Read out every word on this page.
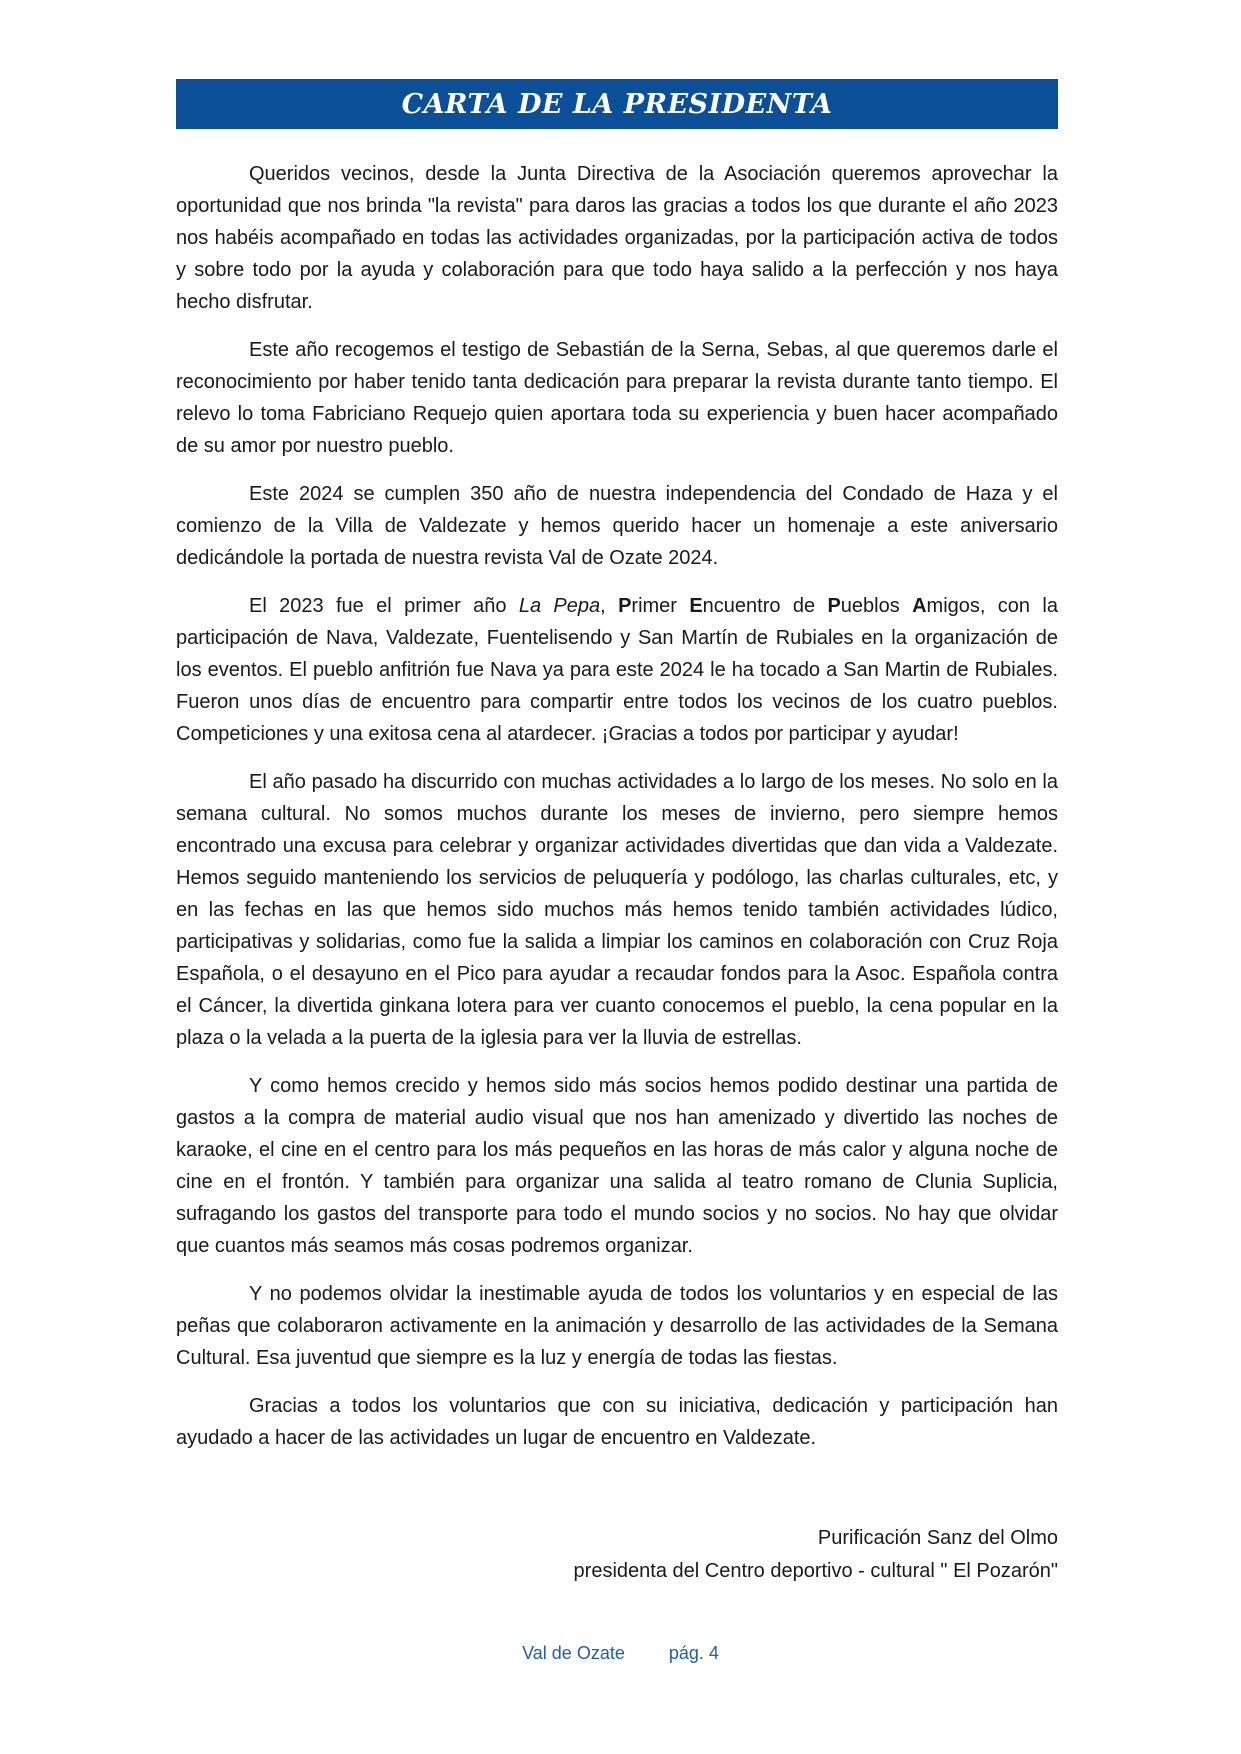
CARTA DE LA PRESIDENTA

Queridos vecinos, desde la Junta Directiva de la Asociación queremos aprovechar la oportunidad que nos brinda "la revista" para daros las gracias a todos los que durante el año 2023 nos habéis acompañado en todas las actividades organizadas, por la participación activa de todos y sobre todo por la ayuda y colaboración para que todo haya salido a la perfección y nos haya hecho disfrutar.

Este año recogemos el testigo de Sebastián de la Serna, Sebas, al que queremos darle el reconocimiento por haber tenido tanta dedicación para preparar la revista durante tanto tiempo. El relevo lo toma Fabriciano Requejo quien aportara toda su experiencia y buen hacer acompañado de su amor por nuestro pueblo.

Este 2024 se cumplen 350 año de nuestra independencia del Condado de Haza y el comienzo de la Villa de Valdezate y hemos querido hacer un homenaje a este aniversario dedicándole la portada de nuestra revista Val de Ozate 2024.

El 2023 fue el primer año La Pepa, Primer Encuentro de Pueblos Amigos, con la participación de Nava, Valdezate, Fuentelisendo y San Martín de Rubiales en la organización de los eventos. El pueblo anfitrión fue Nava ya para este 2024 le ha tocado a San Martin de Rubiales. Fueron unos días de encuentro para compartir entre todos los vecinos de los cuatro pueblos. Competiciones y una exitosa cena al atardecer. ¡Gracias a todos por participar y ayudar!

El año pasado ha discurrido con muchas actividades a lo largo de los meses. No solo en la semana cultural. No somos muchos durante los meses de invierno, pero siempre hemos encontrado una excusa para celebrar y organizar actividades divertidas que dan vida a Valdezate. Hemos seguido manteniendo los servicios de peluquería y podólogo, las charlas culturales, etc, y en las fechas en las que hemos sido muchos más hemos tenido también actividades lúdico, participativas y solidarias, como fue la salida a limpiar los caminos en colaboración con Cruz Roja Española, o el desayuno en el Pico para ayudar a recaudar fondos para la Asoc. Española contra el Cáncer, la divertida ginkana lotera para ver cuanto conocemos el pueblo, la cena popular en la plaza o la velada a la puerta de la iglesia para ver la lluvia de estrellas.

Y como hemos crecido y hemos sido más socios hemos podido destinar una partida de gastos a la compra de material audio visual que nos han amenizado y divertido las noches de karaoke, el cine en el centro para los más pequeños en las horas de más calor y alguna noche de cine en el frontón. Y también para organizar una salida al teatro romano de Clunia Suplicia, sufragando los gastos del transporte para todo el mundo socios y no socios. No hay que olvidar que cuantos más seamos más cosas podremos organizar.

Y no podemos olvidar la inestimable ayuda de todos los voluntarios y en especial de las peñas que colaboraron activamente en la animación y desarrollo de las actividades de la Semana Cultural. Esa juventud que siempre es la luz y energía de todas las fiestas.

Gracias a todos los voluntarios que con su iniciativa, dedicación y participación han ayudado a hacer de las actividades un lugar de encuentro en Valdezate.

Purificación Sanz del Olmo
presidenta del Centro deportivo - cultural " El Pozarón"
Val de Ozate pág. 4
